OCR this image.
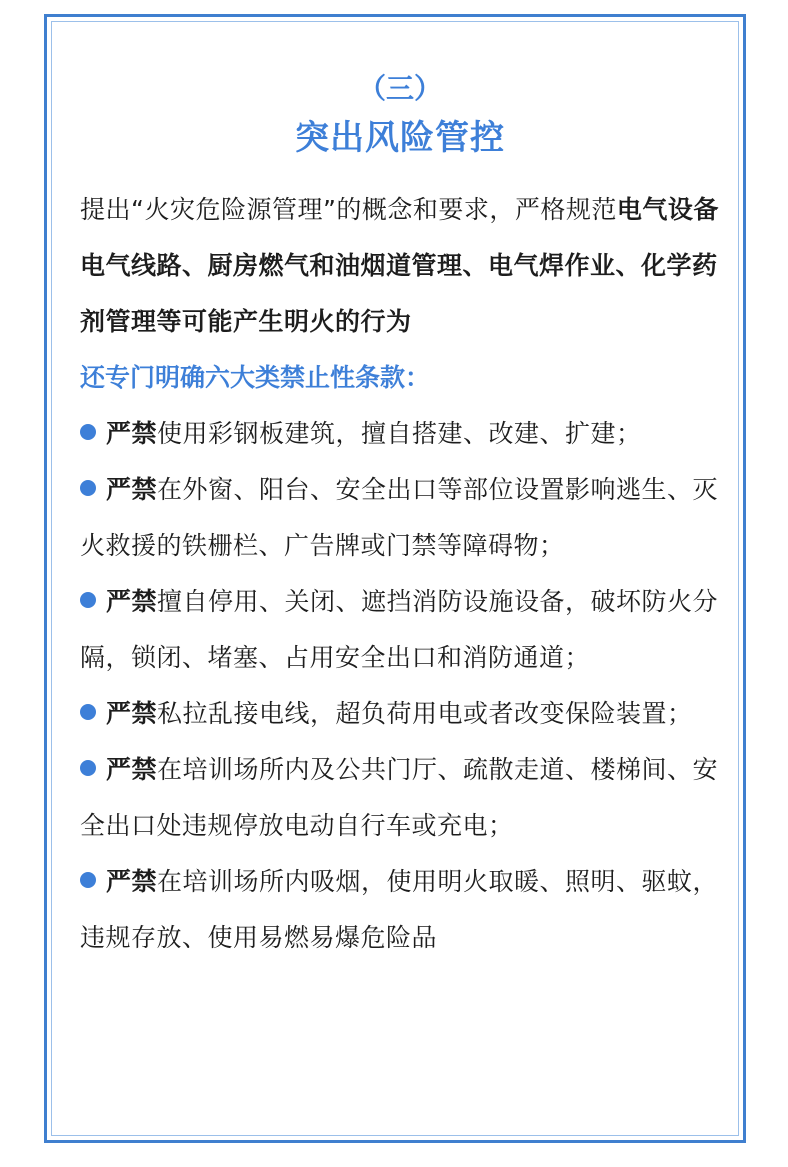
（三）
突出风险管控
提出“火灾危险源管理”的概念和要求，严格规范电气设备电气线路、厨房燃气和油烟道管理、电气焊作业、化学药剂管理等可能产生明火的行为
还专门明确六大类禁止性条款：
严禁使用彩钢板建筑，擅自搭建、改建、扩建；
严禁在外窗、阳台、安全出口等部位设置影响逃生、灭火救援的铁栅栏、广告牌或门禁等障碍物；
严禁擅自停用、关闭、遮挡消防设施设备，破坏防火分隔，锁闭、堵塞、占用安全出口和消防通道；
严禁私拉乱接电线，超负荷用电或者改变保险装置；
严禁在培训场所内及公共门厅、疏散走道、楼梯间、安全出口处违规停放电动自行车或充电；
严禁在培训场所内吸烟，使用明火取暖、照明、驱蚊，违规存放、使用易燃易爆危险品
